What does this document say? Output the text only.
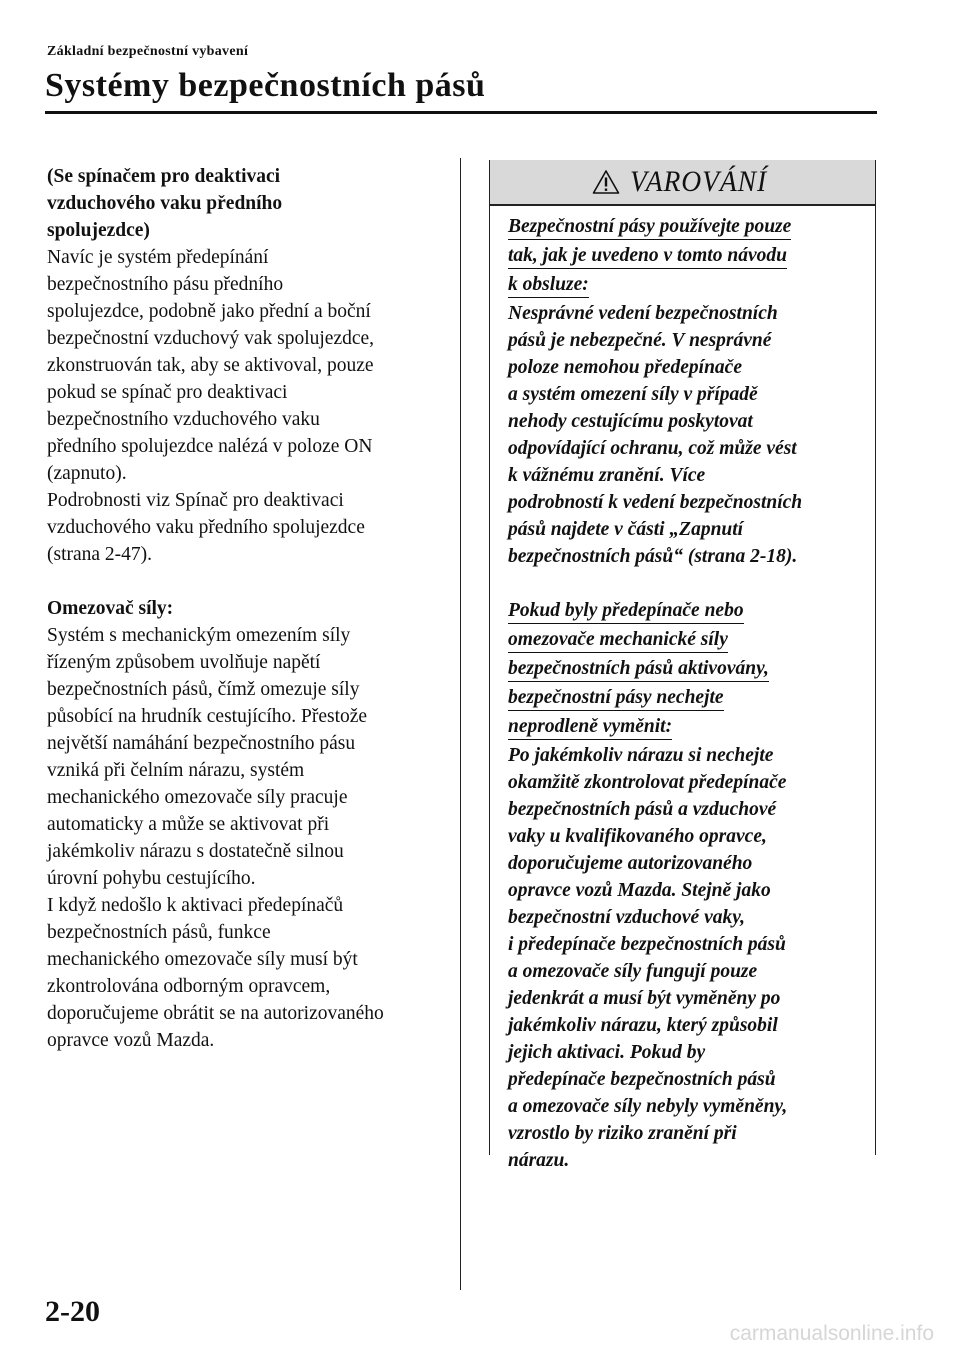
Základní bezpečnostní vybavení
Systémy bezpečnostních pásů

(Se spínačem pro deaktivaci

vzduchového vaku předního

spolujezdce)

Navíc je systém předepínání

bezpečnostního pásu předního

spolujezdce, podobně jako přední a boční

bezpečnostní vzduchový vak spolujezdce,

zkonstruován tak, aby se aktivoval, pouze

pokud se spínač pro deaktivaci

bezpečnostního vzduchového vaku

předního spolujezdce nalézá v poloze ON

(zapnuto).

Podrobnosti viz Spínač pro deaktivaci

vzduchového vaku předního spolujezdce

(strana 2-47).

Omezovač síly:

Systém s mechanickým omezením síly

řízeným způsobem uvolňuje napětí

bezpečnostních pásů, čímž omezuje síly

působící na hrudník cestujícího. Přestože

největší namáhání bezpečnostního pásu

vzniká při čelním nárazu, systém

mechanického omezovače síly pracuje

automaticky a může se aktivovat při

jakémkoliv nárazu s dostatečně silnou

úrovní pohybu cestujícího.

I když nedošlo k aktivaci předepínačů

bezpečnostních pásů, funkce

mechanického omezovače síly musí být

zkontrolována odborným opravcem,

doporučujeme obrátit se na autorizovaného

opravce vozů Mazda.

VAROVÁNÍ

Bezpečnostní pásy používejte pouze

tak, jak je uvedeno v tomto návodu

k obsluze:

Nesprávné vedení bezpečnostních

pásů je nebezpečné. V nesprávné

poloze nemohou předepínače

a systém omezení síly v případě

nehody cestujícímu poskytovat

odpovídající ochranu, což může vést

k vážnému zranění. Více

podrobností k vedení bezpečnostních

pásů najdete v části „Zapnutí

bezpečnostních pásů“ (strana 2-18).

Pokud byly předepínače nebo

omezovače mechanické síly

bezpečnostních pásů aktivovány,

bezpečnostní pásy nechejte

neprodleně vyměnit:

Po jakémkoliv nárazu si nechejte

okamžitě zkontrolovat předepínače

bezpečnostních pásů a vzduchové

vaky u kvalifikovaného opravce,

doporučujeme autorizovaného

opravce vozů Mazda. Stejně jako

bezpečnostní vzduchové vaky,

i předepínače bezpečnostních pásů

a omezovače síly fungují pouze

jedenkrát a musí být vyměněny po

jakémkoliv nárazu, který způsobil

jejich aktivaci. Pokud by

předepínače bezpečnostních pásů

a omezovače síly nebyly vyměněny,

vzrostlo by riziko zranění při

nárazu.

2-20
carmanualsonline.info
